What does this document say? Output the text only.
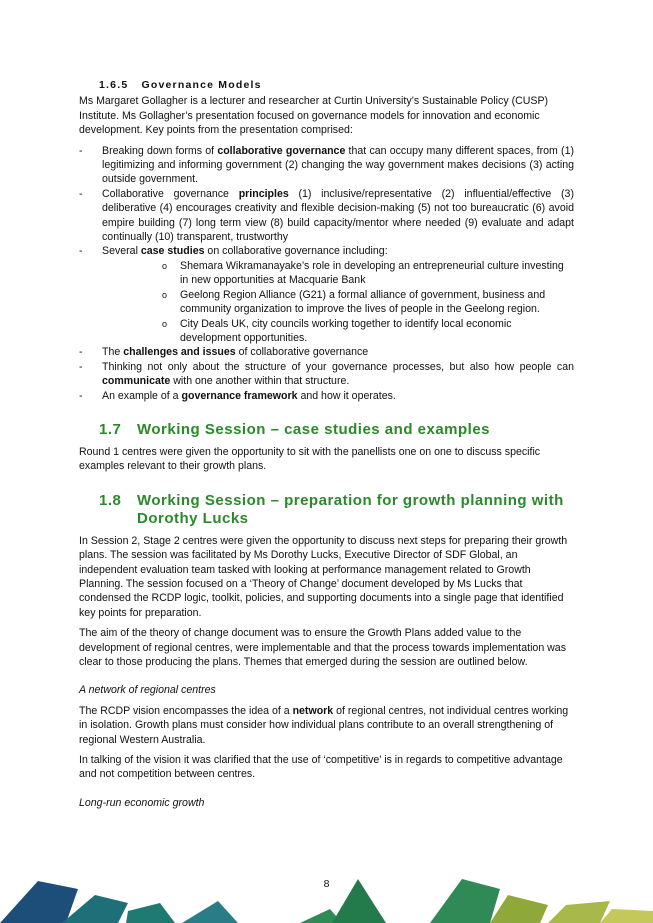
1.6.5 Governance Models

Ms Margaret Gollagher is a lecturer and researcher at Curtin University’s Sustainable Policy (CUSP) Institute. Ms Gollagher’s presentation focused on governance models for innovation and economic development. Key points from the presentation comprised:

- Breaking down forms of collaborative governance that can occupy many different spaces, from (1) legitimizing and informing government (2) changing the way government makes decisions (3) acting outside government.
- Collaborative governance principles (1) inclusive/representative (2) influential/effective (3) deliberative (4) encourages creativity and flexible decision-making (5) not too bureaucratic (6) avoid empire building (7) long term view (8) build capacity/mentor where needed (9) evaluate and adapt continually (10) transparent, trustworthy
- Several case studies on collaborative governance including:
o Shemara Wikramanayake’s role in developing an entrepreneurial culture investing in new opportunities at Macquarie Bank
o Geelong Region Alliance (G21) a formal alliance of government, business and community organization to improve the lives of people in the Geelong region.
o City Deals UK, city councils working together to identify local economic development opportunities.
- The challenges and issues of collaborative governance
- Thinking not only about the structure of your governance processes, but also how people can communicate with one another within that structure.
- An example of a governance framework and how it operates.
1.7 Working Session – case studies and examples

Round 1 centres were given the opportunity to sit with the panellists one on one to discuss specific examples relevant to their growth plans.

1.8 Working Session – preparation for growth planning with Dorothy Lucks

In Session 2, Stage 2 centres were given the opportunity to discuss next steps for preparing their growth plans. The session was facilitated by Ms Dorothy Lucks, Executive Director of SDF Global, an independent evaluation team tasked with looking at performance management related to Growth Planning. The session focused on a ‘Theory of Change’ document developed by Ms Lucks that condensed the RCDP logic, toolkit, policies, and supporting documents into a single page that identified key points for preparation.

The aim of the theory of change document was to ensure the Growth Plans added value to the development of regional centres, were implementable and that the process towards implementation was clear to those producing the plans. Themes that emerged during the session are outlined below.

A network of regional centres

The RCDP vision encompasses the idea of a network of regional centres, not individual centres working in isolation. Growth plans must consider how individual plans contribute to an overall strengthening of regional Western Australia.

In talking of the vision it was clarified that the use of ‘competitive’ is in regards to competitive advantage and not competition between centres.

Long-run economic growth

8
